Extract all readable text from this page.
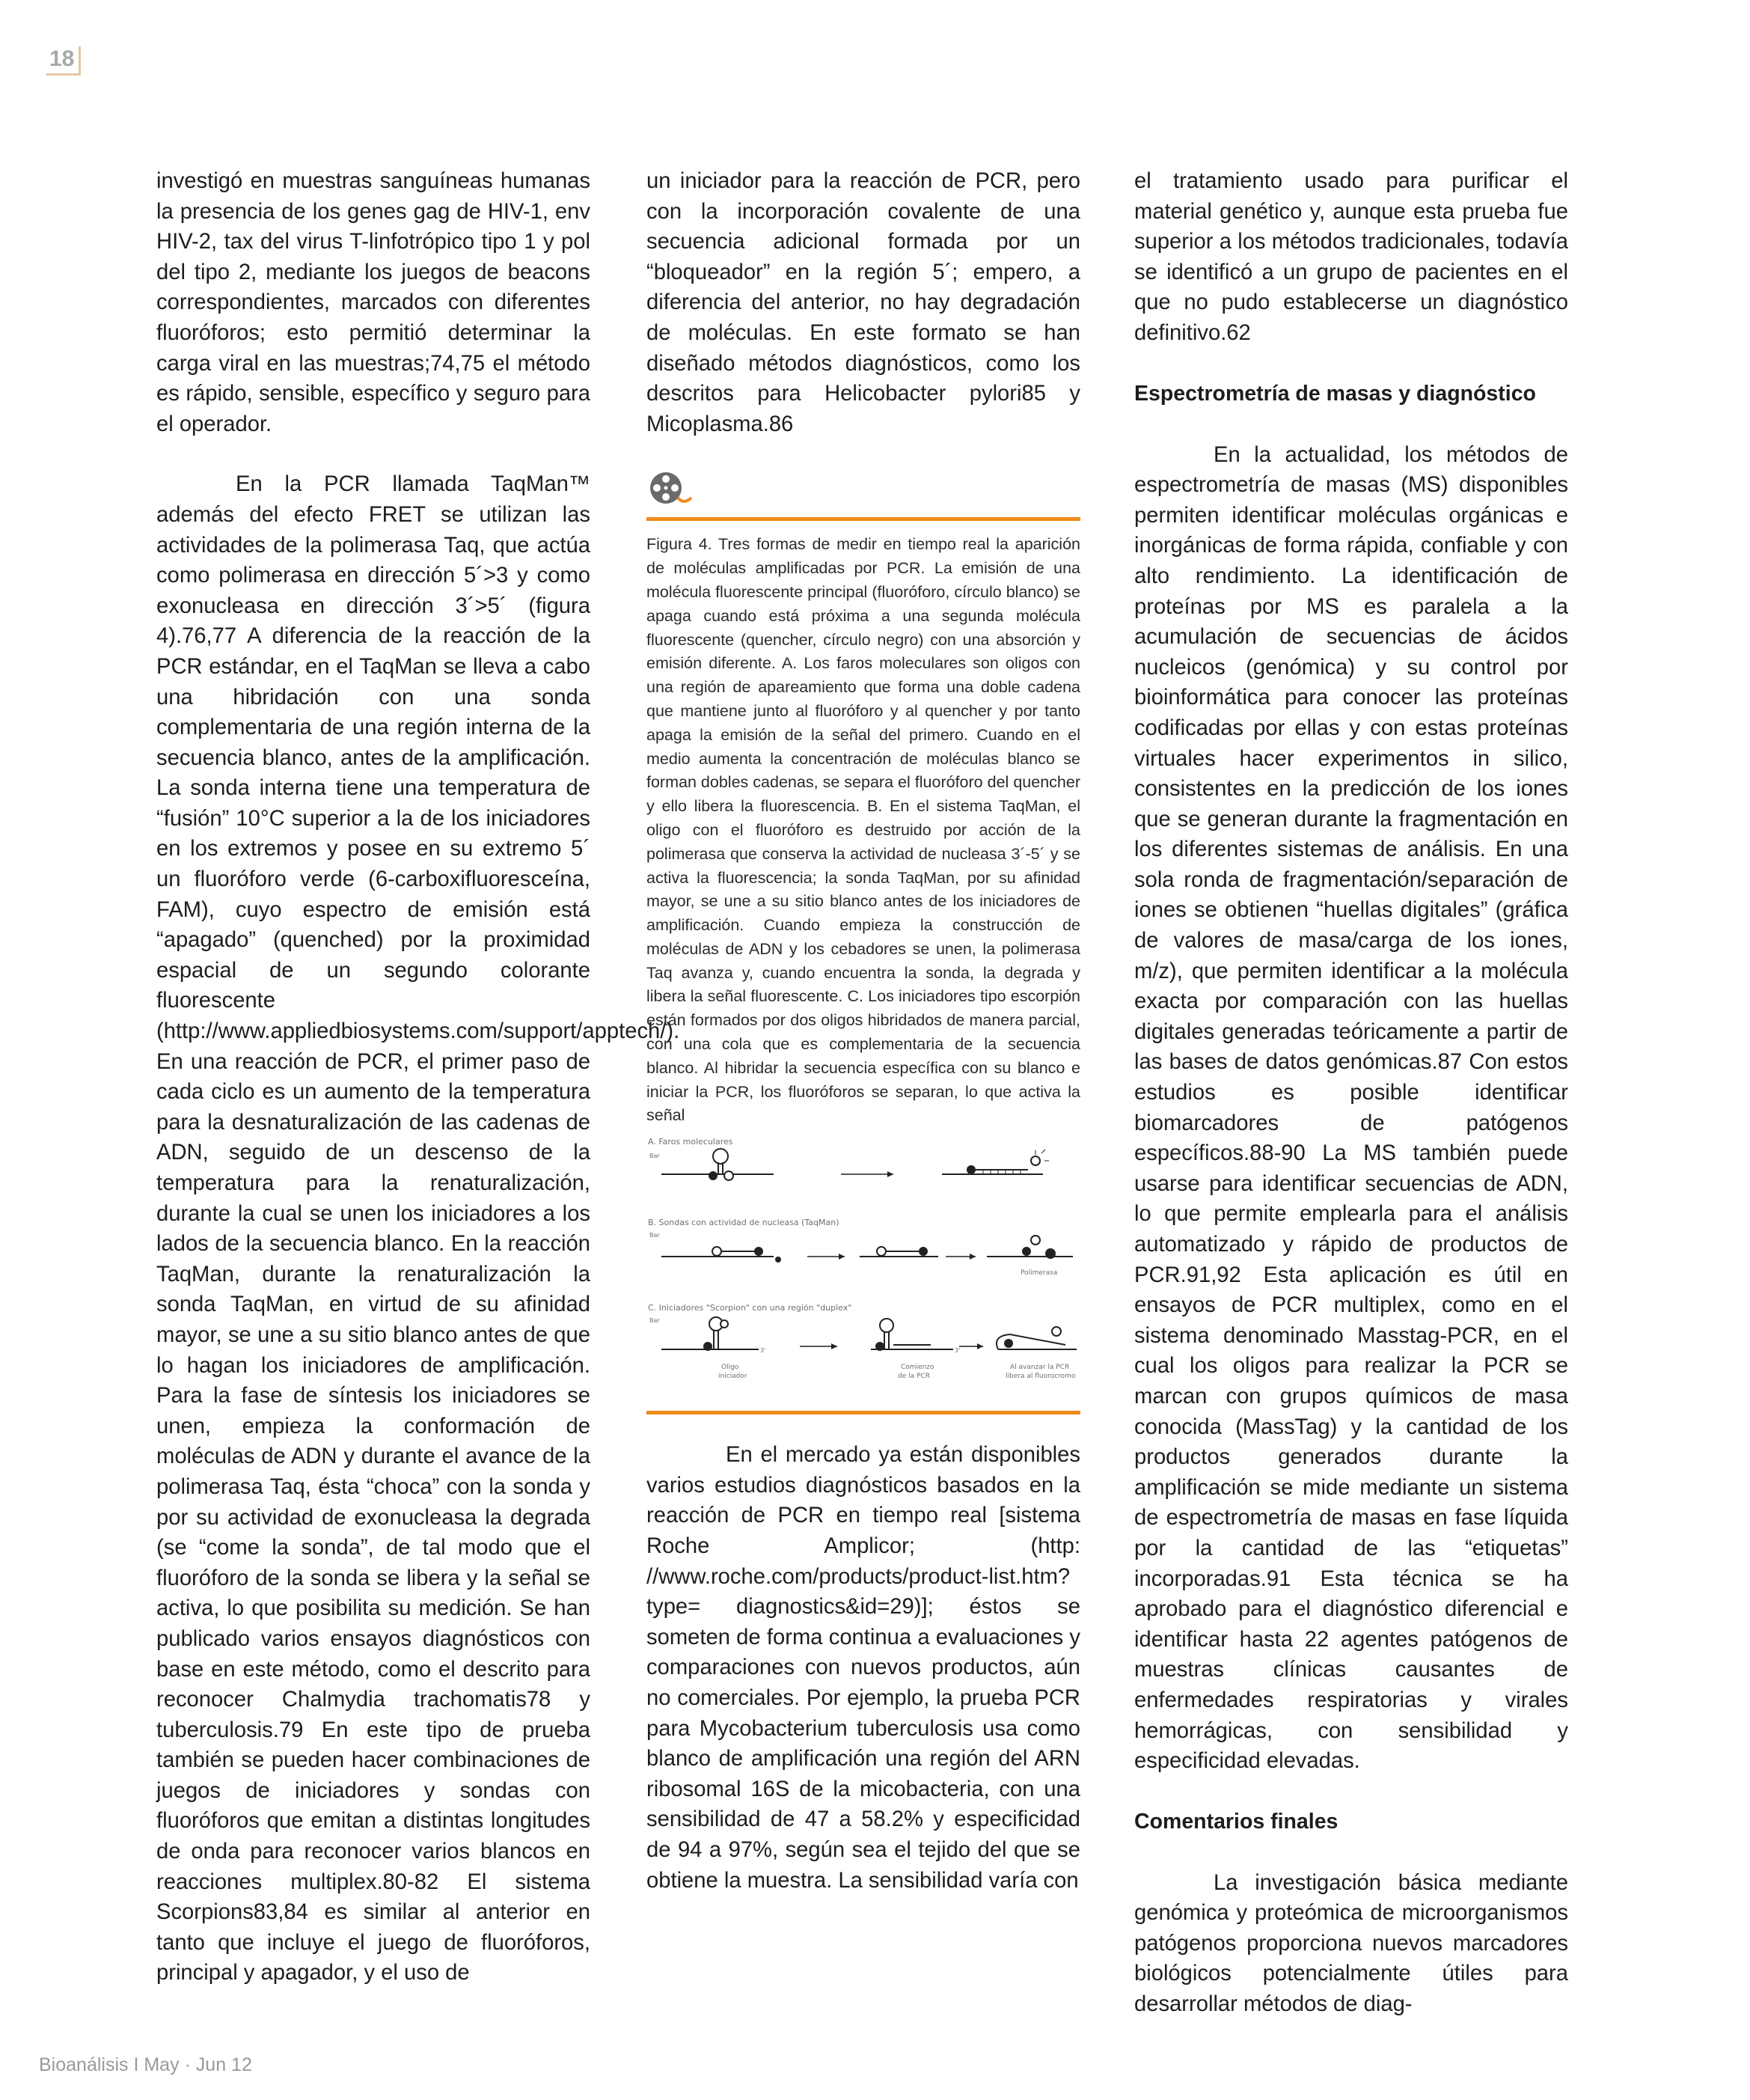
18

investigó en muestras sanguíneas humanas la presencia de los genes gag de HIV-1, env HIV-2, tax del virus T-linfotrópico tipo 1 y pol del tipo 2, mediante los juegos de beacons correspondientes, marcados con diferentes fluoróforos; esto permitió determinar la carga viral en las muestras;74,75 el método es rápido, sensible, específico y seguro para el operador.

En la PCR llamada TaqMan™ además del efecto FRET se utilizan las actividades de la polimerasa Taq, que actúa como polimerasa en dirección 5´>3 y como exonucleasa en dirección 3´>5´ (figura 4).76,77 A diferencia de la reacción de la PCR estándar, en el TaqMan se lleva a cabo una hibridación con una sonda complementaria de una región interna de la secuencia blanco, antes de la amplificación. La sonda interna tiene una temperatura de “fusión” 10°C superior a la de los iniciadores en los extremos y posee en su extremo 5´ un fluoróforo verde (6-carboxifluoresceína, FAM), cuyo espectro de emisión está “apagado” (quenched) por la proximidad espacial de un segundo colorante fluorescente (http://www.appliedbiosystems.com/support/apptech/). En una reacción de PCR, el primer paso de cada ciclo es un aumento de la temperatura para la desnaturalización de las cadenas de ADN, seguido de un descenso de la temperatura para la renaturalización, durante la cual se unen los iniciadores a los lados de la secuencia blanco. En la reacción TaqMan, durante la renaturalización la sonda TaqMan, en virtud de su afinidad mayor, se une a su sitio blanco antes de que lo hagan los iniciadores de amplificación. Para la fase de síntesis los iniciadores se unen, empieza la conformación de moléculas de ADN y durante el avance de la polimerasa Taq, ésta “choca” con la sonda y por su actividad de exonucleasa la degrada (se “come la sonda”, de tal modo que el fluoróforo de la sonda se libera y la señal se activa, lo que posibilita su medición. Se han publicado varios ensayos diagnósticos con base en este método, como el descrito para reconocer Chalmydia trachomatis78 y tuberculosis.79 En este tipo de prueba también se pueden hacer combinaciones de juegos de iniciadores y sondas con fluoróforos que emitan a distintas longitudes de onda para reconocer varios blancos en reacciones multiplex.80-82 El sistema Scorpions83,84 es similar al anterior en tanto que incluye el juego de fluoróforos, principal y apagador, y el uso de

un iniciador para la reacción de PCR, pero con la incorporación covalente de una secuencia adicional formada por un “bloqueador” en la región 5´; empero, a diferencia del anterior, no hay degradación de moléculas. En este formato se han diseñado métodos diagnósticos, como los descritos para Helicobacter pylori85 y Micoplasma.86

Figura 4. Tres formas de medir en tiempo real la aparición de moléculas amplificadas por PCR. La emisión de una molécula fluorescente principal (fluoróforo, círculo blanco) se apaga cuando está próxima a una segunda molécula fluorescente (quencher, círculo negro) con una absorción y emisión diferente. A. Los faros moleculares son oligos con una región de apareamiento que forma una doble cadena que mantiene junto al fluoróforo y al quencher y por tanto apaga la emisión de la señal del primero. Cuando en el medio aumenta la concentración de moléculas blanco se forman dobles cadenas, se separa el fluoróforo del quencher y ello libera la fluorescencia. B. En el sistema TaqMan, el oligo con el fluoróforo es destruido por acción de la polimerasa que conserva la actividad de nucleasa 3´-5´ y se activa la fluorescencia; la sonda TaqMan, por su afinidad mayor, se une a su sitio blanco antes de los iniciadores de amplificación. Cuando empieza la construcción de moléculas de ADN y los cebadores se unen, la polimerasa Taq avanza y, cuando encuentra la sonda, la degrada y libera la señal fluorescente. C. Los iniciadores tipo escorpión están formados por dos oligos hibridados de manera parcial, con una cola que es complementaria de la secuencia blanco. Al hibridar la secuencia específica con su blanco e iniciar la PCR, los fluoróforos se separan, lo que activa la señal

A. Faros moleculares
Bar
B. Sondas con actividad de nucleasa (TaqMan)
Bar
Polimerasa
C. Iniciadores "Scorpion" con una región "duplex"
Bar
3'
Oligo
iniciador
3'
Comienzo
de la PCR
Al avanzar la PCR
libera al fluorocromo

En el mercado ya están disponibles varios estudios diagnósticos basados en la reacción de PCR en tiempo real [sistema Roche Amplicor; (http: //www.roche.com/products/product-list.htm? type= diagnostics&id=29)]; éstos se someten de forma continua a evaluaciones y comparaciones con nuevos productos, aún no comerciales. Por ejemplo, la prueba PCR para Mycobacterium tuberculosis usa como blanco de amplificación una región del ARN ribosomal 16S de la micobacteria, con una sensibilidad de 47 a 58.2% y especificidad de 94 a 97%, según sea el tejido del que se obtiene la muestra. La sensibilidad varía con

el tratamiento usado para purificar el material genético y, aunque esta prueba fue superior a los métodos tradicionales, todavía se identificó a un grupo de pacientes en el que no pudo establecerse un diagnóstico definitivo.62

Espectrometría de masas y diagnóstico

En la actualidad, los métodos de espectrometría de masas (MS) disponibles permiten identificar moléculas orgánicas e inorgánicas de forma rápida, confiable y con alto rendimiento. La identificación de proteínas por MS es paralela a la acumulación de secuencias de ácidos nucleicos (genómica) y su control por bioinformática para conocer las proteínas codificadas por ellas y con estas proteínas virtuales hacer experimentos in silico, consistentes en la predicción de los iones que se generan durante la fragmentación en los diferentes sistemas de análisis. En una sola ronda de fragmentación/separación de iones se obtienen “huellas digitales” (gráfica de valores de masa/carga de los iones, m/z), que permiten identificar a la molécula exacta por comparación con las huellas digitales generadas teóricamente a partir de las bases de datos genómicas.87 Con estos estudios es posible identificar biomarcadores de patógenos específicos.88-90 La MS también puede usarse para identificar secuencias de ADN, lo que permite emplearla para el análisis automatizado y rápido de productos de PCR.91,92 Esta aplicación es útil en ensayos de PCR multiplex, como en el sistema denominado Masstag-PCR, en el cual los oligos para realizar la PCR se marcan con grupos químicos de masa conocida (MassTag) y la cantidad de los productos generados durante la amplificación se mide mediante un sistema de espectrometría de masas en fase líquida por la cantidad de las “etiquetas” incorporadas.91 Esta técnica se ha aprobado para el diagnóstico diferencial e identificar hasta 22 agentes patógenos de muestras clínicas causantes de enfermedades respiratorias y virales hemorrágicas, con sensibilidad y especificidad elevadas.

Comentarios finales

La investigación básica mediante genómica y proteómica de microorganismos patógenos proporciona nuevos marcadores biológicos potencialmente útiles para desarrollar métodos de diag-

Bioanálisis I May · Jun 12
